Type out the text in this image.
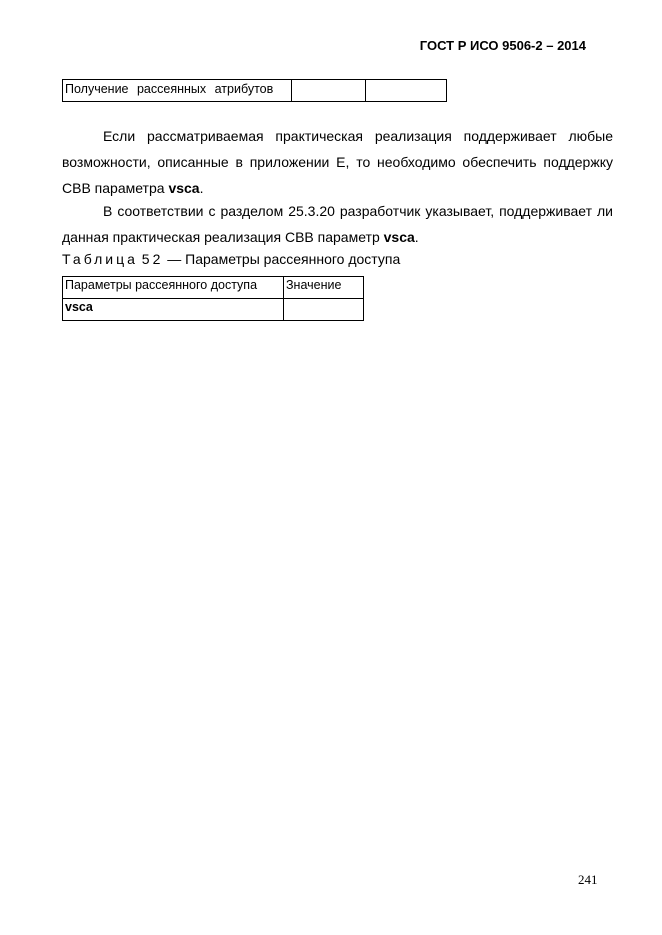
ГОСТ Р ИСО 9506-2 – 2014
Получение рассеянных атрибутов		
Если рассматриваемая практическая реализация поддерживает любые возможности, описанные в приложении Е, то необходимо обеспечить поддержку СВВ параметра vsca.
В соответствии с разделом 25.3.20 разработчик указывает, поддерживает ли данная практическая реализация СВВ параметр vsca.
Таблица 52 — Параметры рассеянного доступа
Параметры рассеянного доступа	Значение
vsca	
241
